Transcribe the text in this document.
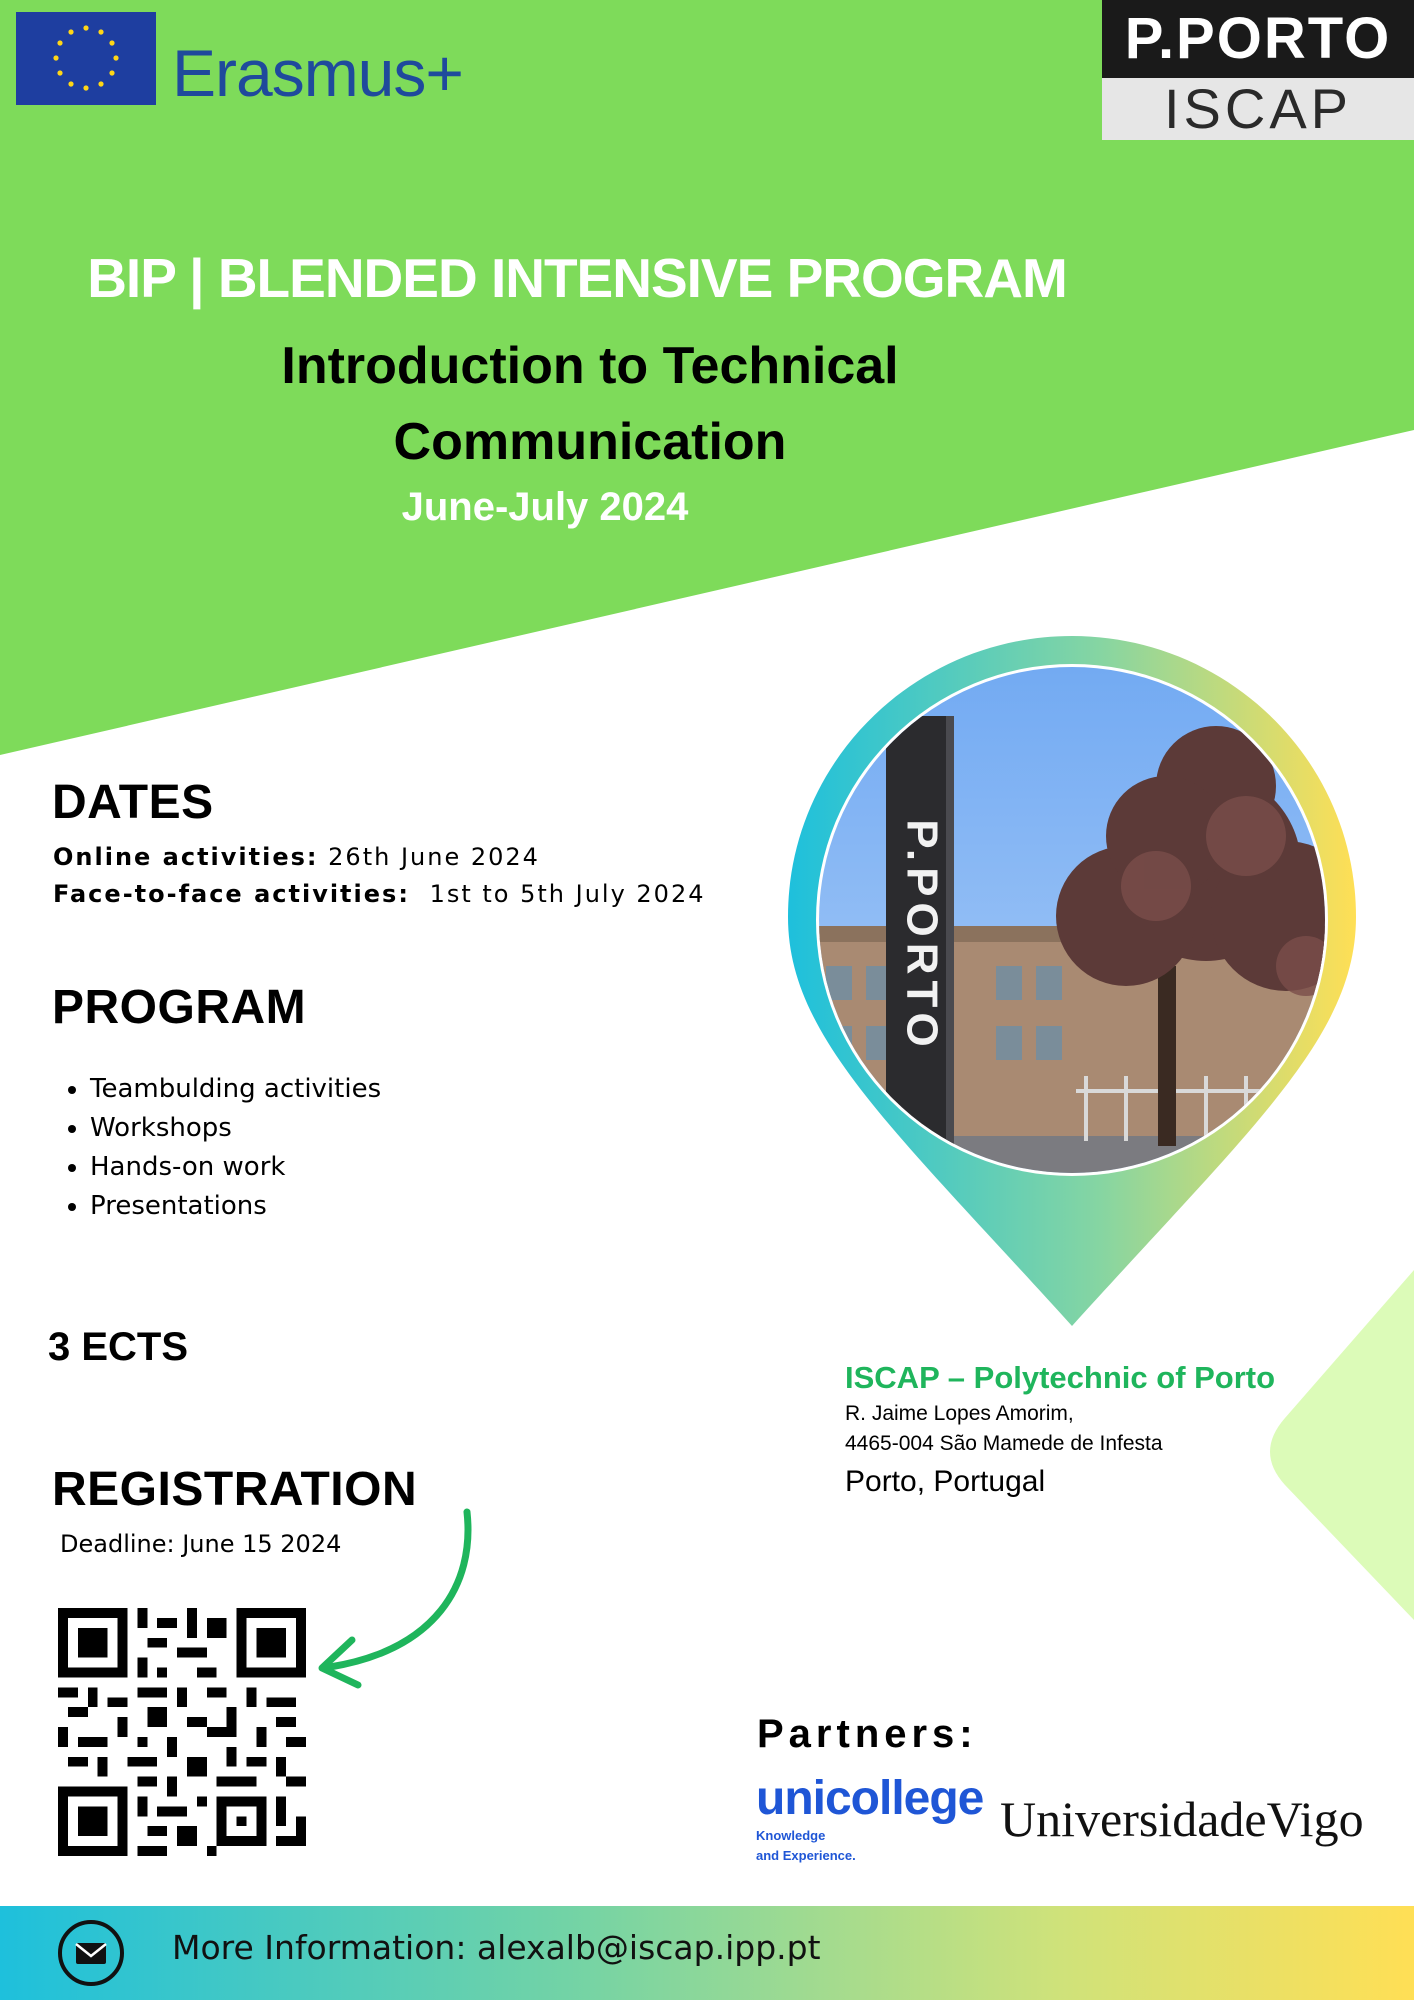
Erasmus+	P.PORTO
ISCAP
BIP | BLENDED INTENSIVE PROGRAM
Introduction to Technical
Communication
June-July 2024
DATES
Online activities: 26th June 2024
Face-to-face activities: 1st to 5th July 2024
PROGRAM
• Teambulding activities
• Workshops
• Hands-on work
• Presentations
3 ECTS
REGISTRATION
Deadline: June 15 2024
P.PORTO
ISCAP – Polytechnic of Porto
R. Jaime Lopes Amorim,
4465-004 São Mamede de Infesta
Porto, Portugal
Partners:
unicollege
Knowledge
and Experience.
UniversidadeVigo
More Information: alexalb@iscap.ipp.pt
